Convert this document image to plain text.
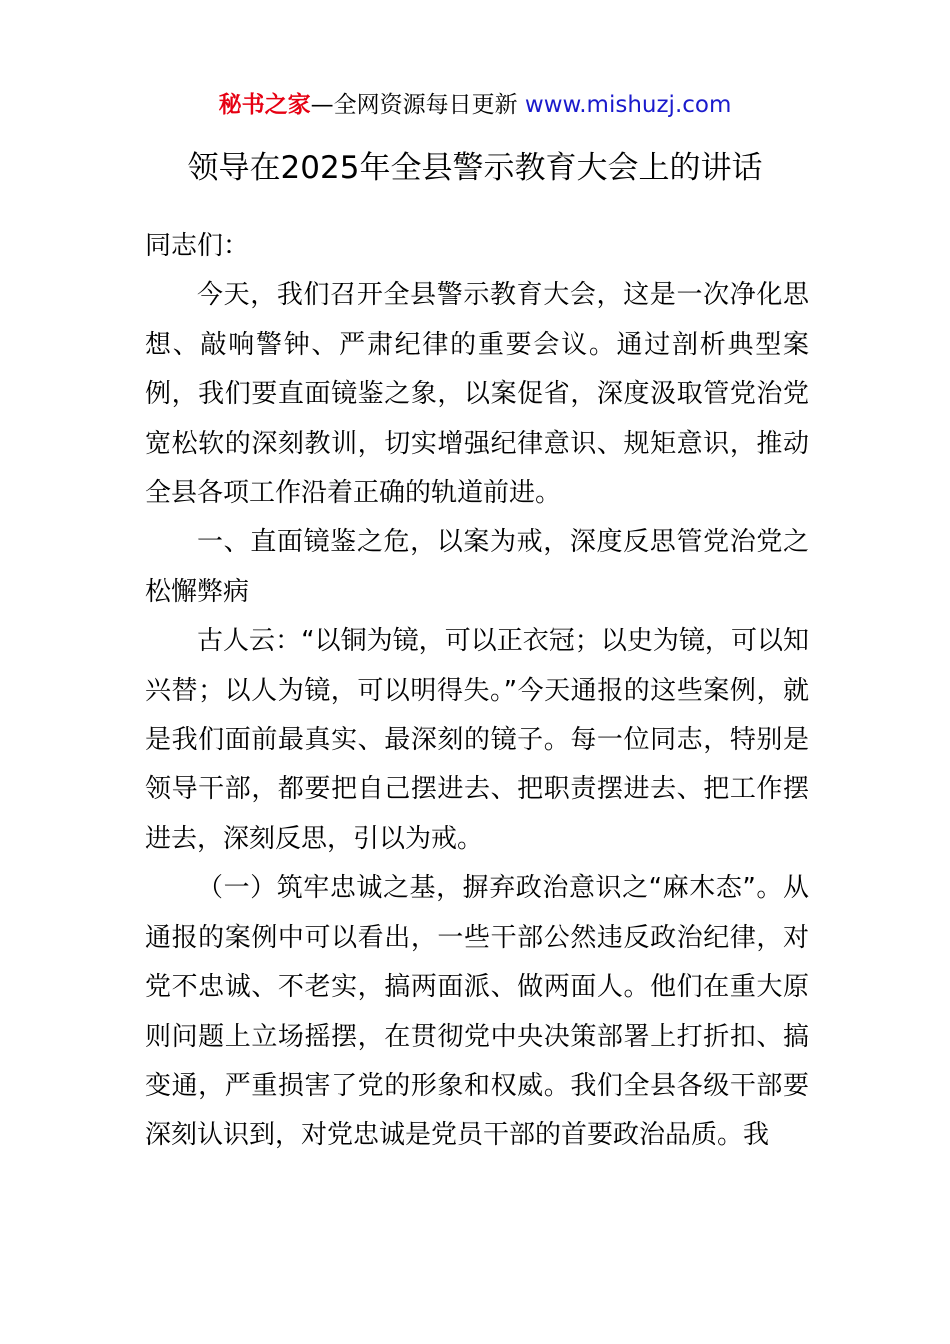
秘书之家—全网资源每日更新 www.mishuzj.com
领导在2025年全县警示教育大会上的讲话

同志们：

今天，我们召开全县警示教育大会，这是一次净化思想、敲响警钟、严肃纪律的重要会议。通过剖析典型案例，我们要直面镜鉴之象，以案促省，深度汲取管党治党宽松软的深刻教训，切实增强纪律意识、规矩意识，推动全县各项工作沿着正确的轨道前进。

一、直面镜鉴之危，以案为戒，深度反思管党治党之松懈弊病

古人云：“以铜为镜，可以正衣冠；以史为镜，可以知兴替；以人为镜，可以明得失。”今天通报的这些案例，就是我们面前最真实、最深刻的镜子。每一位同志，特别是领导干部，都要把自己摆进去、把职责摆进去、把工作摆进去，深刻反思，引以为戒。

（一）筑牢忠诚之基，摒弃政治意识之“麻木态”。从通报的案例中可以看出，一些干部公然违反政治纪律，对党不忠诚、不老实，搞两面派、做两面人。他们在重大原则问题上立场摇摆，在贯彻党中央决策部署上打折扣、搞变通，严重损害了党的形象和权威。我们全县各级干部要深刻认识到，对党忠诚是党员干部的首要政治品质。我
